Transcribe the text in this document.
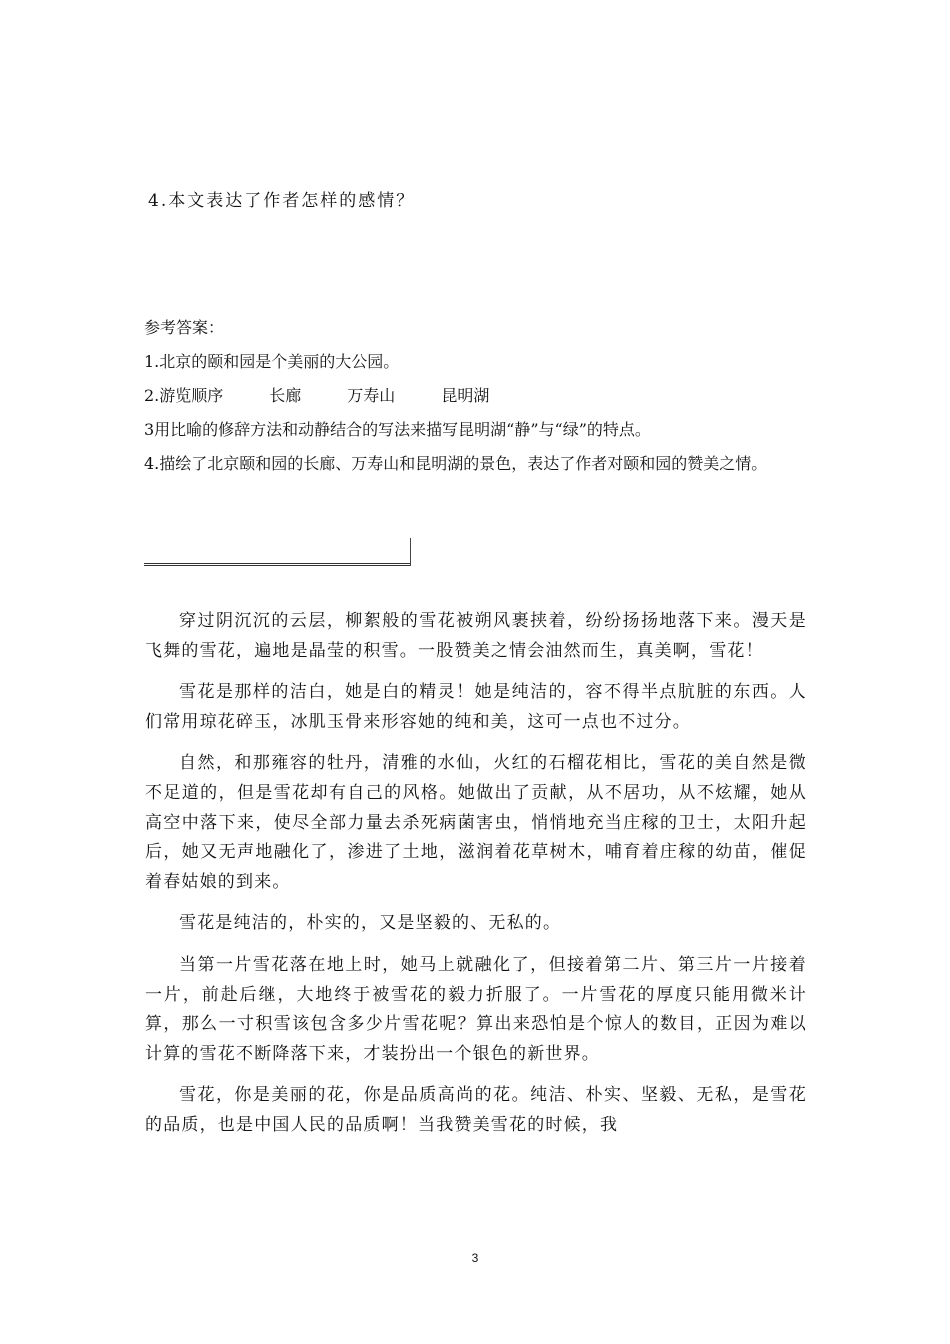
4.本文表达了作者怎样的感情？
参考答案：
1.北京的颐和园是个美丽的大公园。
2.游览顺序	长廊	万寿山	昆明湖
3用比喻的修辞方法和动静结合的写法来描写昆明湖“静”与“绿”的特点。
4.描绘了北京颐和园的长廊、万寿山和昆明湖的景色，表达了作者对颐和园的赞美之情。

穿过阴沉沉的云层，柳絮般的雪花被朔风裹挟着，纷纷扬扬地落下来。漫天是飞舞的雪花，遍地是晶莹的积雪。一股赞美之情会油然而生，真美啊，雪花！

雪花是那样的洁白，她是白的精灵！她是纯洁的，容不得半点肮脏的东西。人们常用琼花碎玉，冰肌玉骨来形容她的纯和美，这可一点也不过分。

自然，和那雍容的牡丹，清雅的水仙，火红的石榴花相比，雪花的美自然是微不足道的，但是雪花却有自己的风格。她做出了贡献，从不居功，从不炫耀，她从高空中落下来，使尽全部力量去杀死病菌害虫，悄悄地充当庄稼的卫士，太阳升起后，她又无声地融化了，渗进了土地，滋润着花草树木，哺育着庄稼的幼苗，催促着春姑娘的到来。

雪花是纯洁的，朴实的，又是坚毅的、无私的。

当第一片雪花落在地上时，她马上就融化了，但接着第二片、第三片一片接着一片，前赴后继，大地终于被雪花的毅力折服了。一片雪花的厚度只能用微米计算，那么一寸积雪该包含多少片雪花呢？算出来恐怕是个惊人的数目，正因为难以计算的雪花不断降落下来，才装扮出一个银色的新世界。

雪花，你是美丽的花，你是品质高尚的花。纯洁、朴实、坚毅、无私，是雪花的品质，也是中国人民的品质啊！当我赞美雪花的时候，我

3
